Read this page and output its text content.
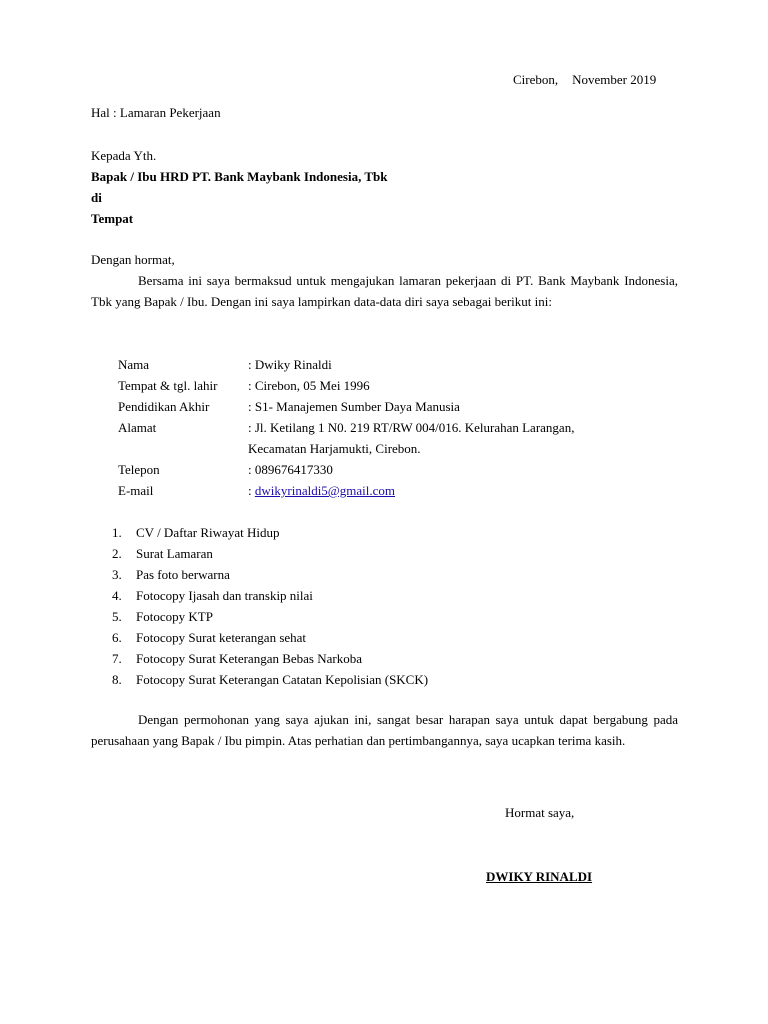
Cirebon, November 2019
Hal : Lamaran Pekerjaan
Kepada Yth.
Bapak / Ibu HRD PT. Bank Maybank Indonesia, Tbk
di
Tempat
Dengan hormat,
Bersama ini saya bermaksud untuk mengajukan lamaran pekerjaan di PT. Bank Maybank Indonesia, Tbk yang Bapak / Ibu. Dengan ini saya lampirkan data-data diri saya sebagai berikut ini:
Nama	: Dwiky Rinaldi
Tempat & tgl. lahir	: Cirebon, 05 Mei 1996
Pendidikan Akhir	: S1- Manajemen Sumber Daya Manusia
Alamat	: Jl. Ketilang 1 N0. 219 RT/RW 004/016. Kelurahan Larangan,
Kecamatan Harjamukti, Cirebon.
Telepon	: 089676417330
E-mail	: dwikyrinaldi5@gmail.com
1.	CV / Daftar Riwayat Hidup
2.	Surat Lamaran
3.	Pas foto berwarna
4.	Fotocopy Ijasah dan transkip nilai
5.	Fotocopy KTP
6.	Fotocopy Surat keterangan sehat
7.	Fotocopy Surat Keterangan Bebas Narkoba
8.	Fotocopy Surat Keterangan Catatan Kepolisian (SKCK)
Dengan permohonan yang saya ajukan ini, sangat besar harapan saya untuk dapat bergabung pada perusahaan yang Bapak / Ibu pimpin. Atas perhatian dan pertimbangannya, saya ucapkan terima kasih.
Hormat saya,
DWIKY RINALDI
